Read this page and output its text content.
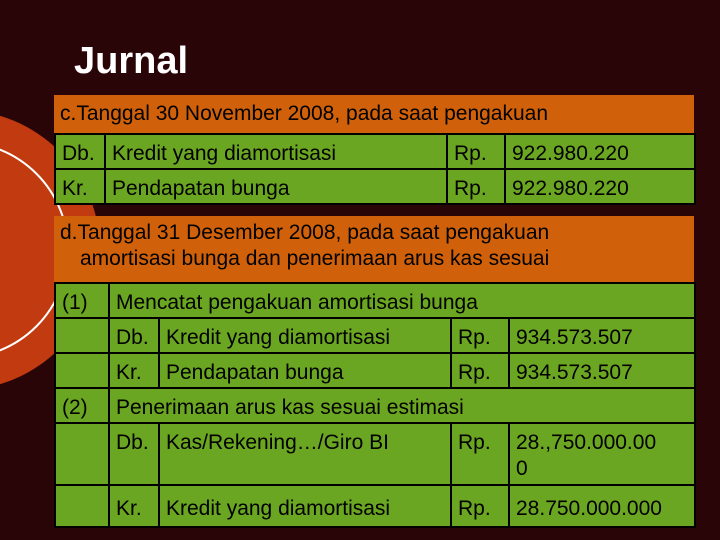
Jurnal
c.Tanggal 30 November 2008, pada saat pengakuan
Db. Kredit yang diamortisasi	Rp.	922.980.220
Kr.	Pendapatan bunga	Rp.	922.980.220
d.Tanggal 31 Desember 2008, pada saat pengakuan
amortisasi bunga dan penerimaan arus kas sesuai
(1)	Mencatat pengakuan amortisasi bunga
Db. Kredit yang diamortisasi	Rp.	934.573.507
Kr.	Pendapatan bunga	Rp.	934.573.507
(2)	Penerimaan arus kas sesuai estimasi
Db. Kas/Rekening…/Giro BI	Rp.	28.,750.000.00
0
Kr.	Kredit yang diamortisasi	Rp.	28.750.000.000
